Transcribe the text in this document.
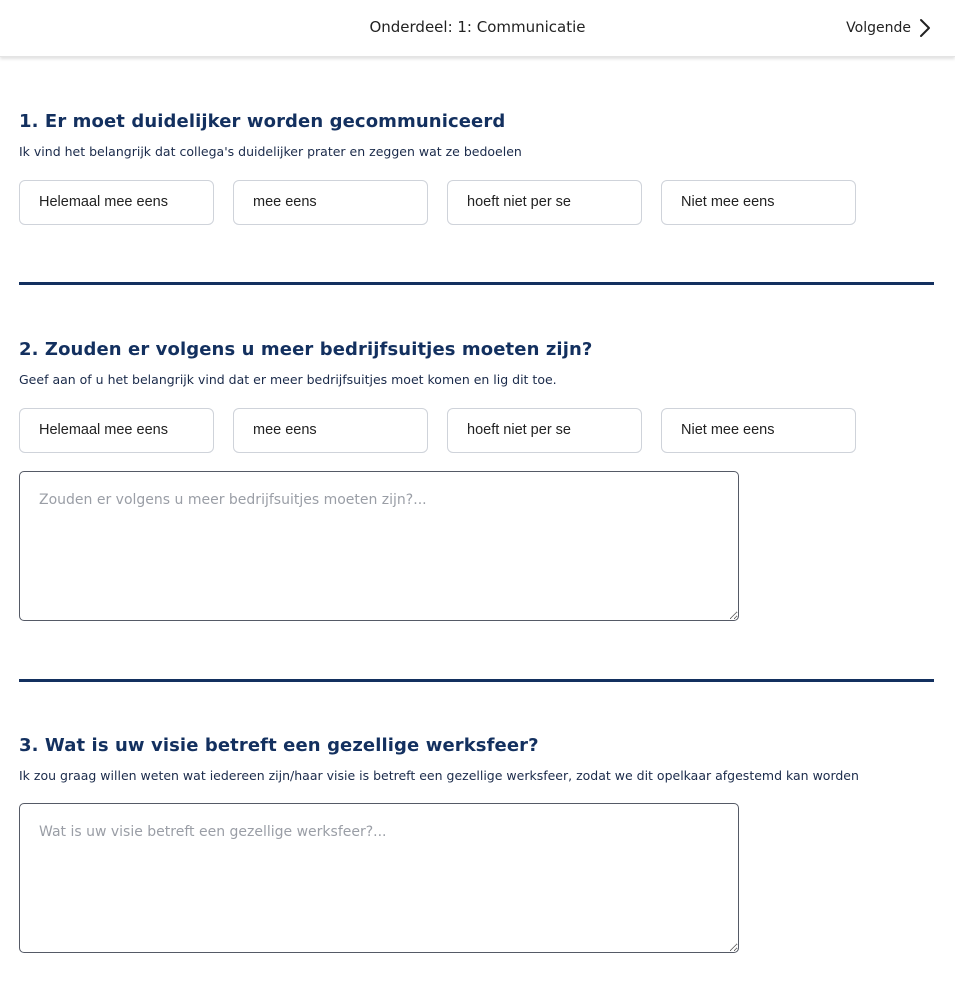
Onderdeel: 1: Communicatie	Volgende
1. Er moet duidelijker worden gecommuniceerd
Ik vind het belangrijk dat collega's duidelijker prater en zeggen wat ze bedoelen
Helemaal mee eens	mee eens	hoeft niet per se	Niet mee eens
2. Zouden er volgens u meer bedrijfsuitjes moeten zijn?
Geef aan of u het belangrijk vind dat er meer bedrijfsuitjes moet komen en lig dit toe.
Helemaal mee eens	mee eens	hoeft niet per se	Niet mee eens
Zouden er volgens u meer bedrijfsuitjes moeten zijn?...
3. Wat is uw visie betreft een gezellige werksfeer?
Ik zou graag willen weten wat iedereen zijn/haar visie is betreft een gezellige werksfeer, zodat we dit opelkaar afgestemd kan worden
Wat is uw visie betreft een gezellige werksfeer?...
